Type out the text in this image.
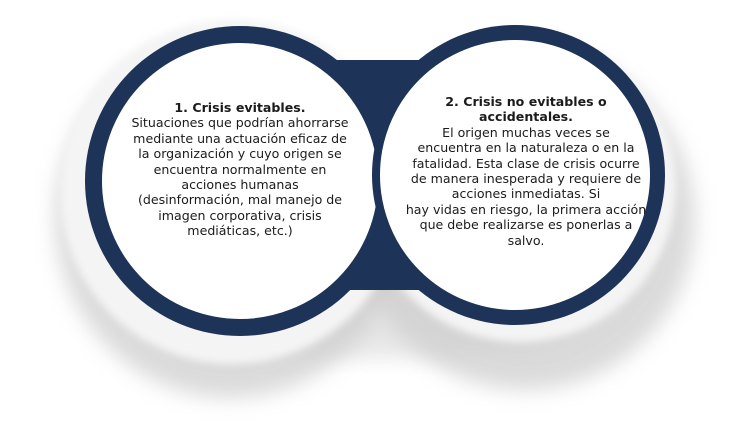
1. Crisis evitables.
Situaciones que podrían ahorrarse
mediante una actuación eficaz de
la organización y cuyo origen se
encuentra normalmente en
acciones humanas
(desinformación, mal manejo de
imagen corporativa, crisis
mediáticas, etc.)
2. Crisis no evitables o
accidentales.
El origen muchas veces se
encuentra en la naturaleza o en la
fatalidad. Esta clase de crisis ocurre
de manera inesperada y requiere de
acciones inmediatas. Si
hay vidas en riesgo, la primera acción
que debe realizarse es ponerlas a
salvo.
